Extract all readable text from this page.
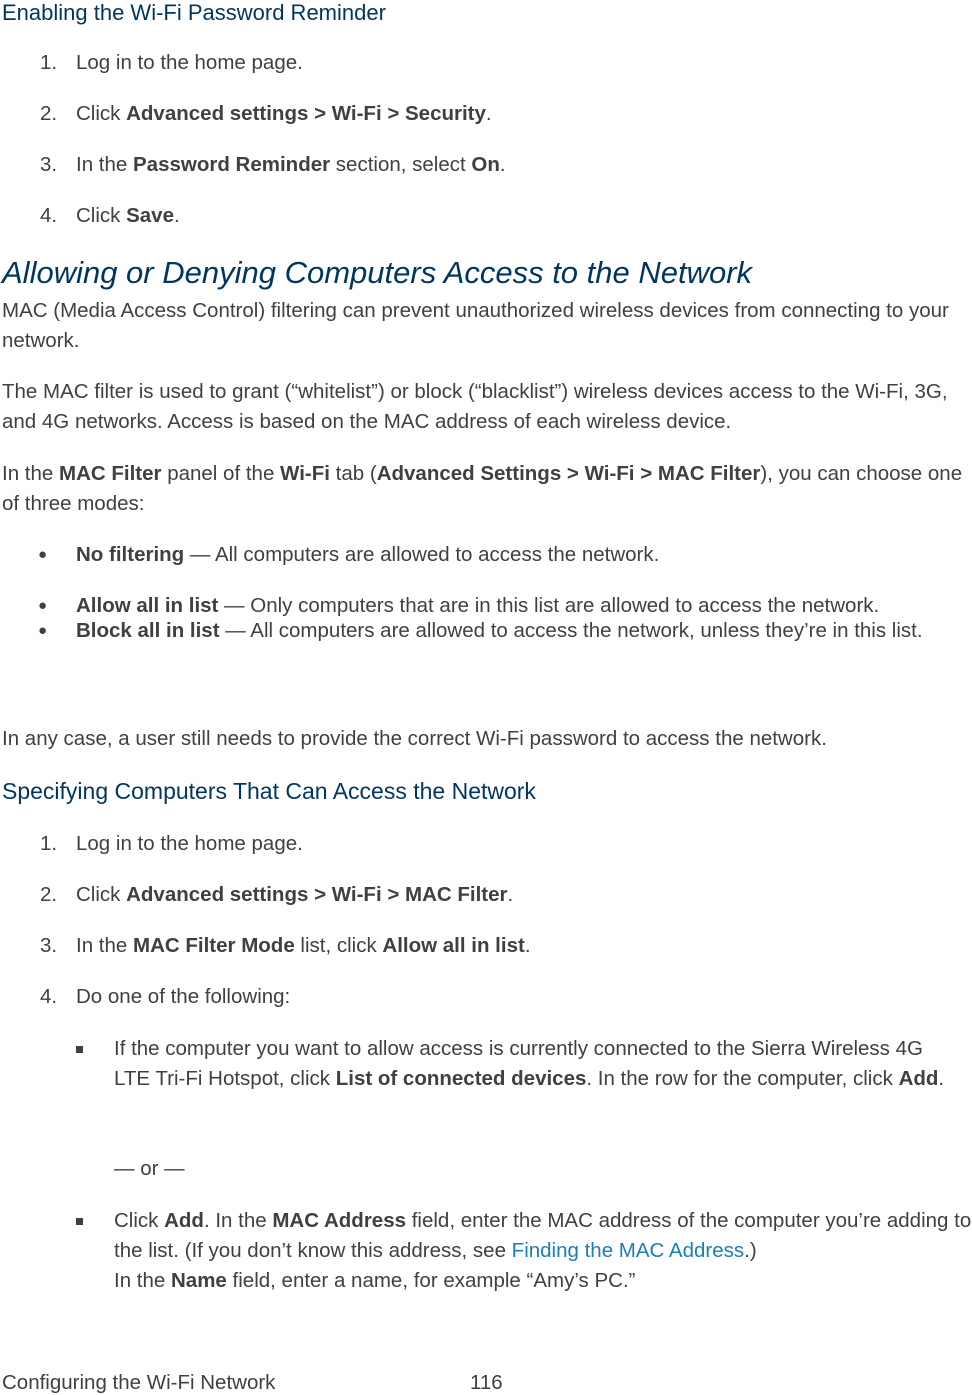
Enabling the Wi-Fi Password Reminder
1. Log in to the home page.
2. Click Advanced settings > Wi-Fi > Security.
3. In the Password Reminder section, select On.
4. Click Save.
Allowing or Denying Computers Access to the Network
MAC (Media Access Control) filtering can prevent unauthorized wireless devices from connecting to your network.
The MAC filter is used to grant (“whitelist”) or block (“blacklist”) wireless devices access to the Wi-Fi, 3G, and 4G networks. Access is based on the MAC address of each wireless device.
In the MAC Filter panel of the Wi-Fi tab (Advanced Settings > Wi-Fi > MAC Filter), you can choose one of three modes:
● No filtering — All computers are allowed to access the network.
● Allow all in list — Only computers that are in this list are allowed to access the network.
● Block all in list — All computers are allowed to access the network, unless they’re in this list.
In any case, a user still needs to provide the correct Wi-Fi password to access the network.
Specifying Computers That Can Access the Network
1. Log in to the home page.
2. Click Advanced settings > Wi-Fi > MAC Filter.
3. In the MAC Filter Mode list, click Allow all in list.
4. Do one of the following:
If the computer you want to allow access is currently connected to the Sierra Wireless 4G LTE Tri-Fi Hotspot, click List of connected devices. In the row for the computer, click Add.
— or —
Click Add. In the MAC Address field, enter the MAC address of the computer you’re adding to the list. (If you don’t know this address, see Finding the MAC Address.)
In the Name field, enter a name, for example “Amy’s PC.”
Configuring the Wi-Fi Network	116
